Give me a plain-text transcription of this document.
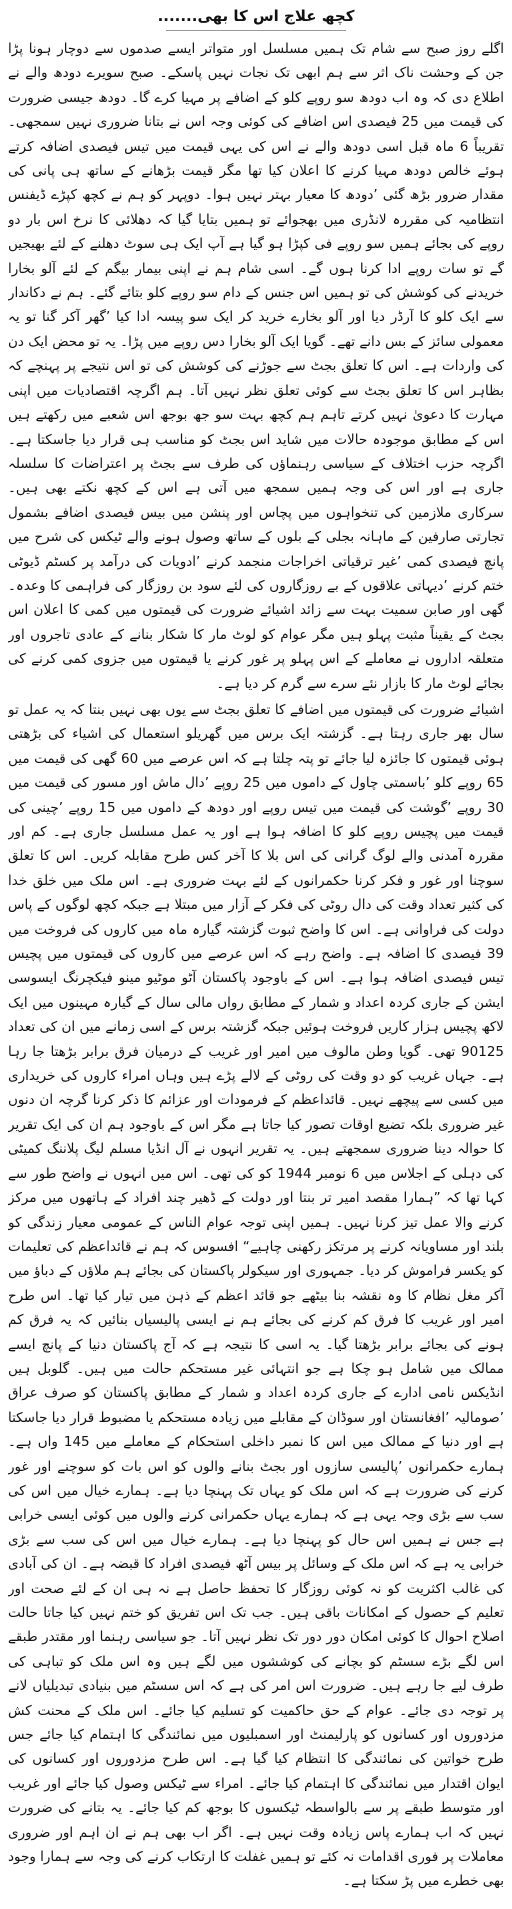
کچھ علاج اس کا بھی.......

اگلے روز صبح سے شام تک ہمیں مسلسل اور متواتر ایسے صدموں سے دوچار ہونا پڑا جن کے وحشت ناک اثر سے ہم ابھی تک نجات نہیں پاسکے۔ صبح سویرے دودھ والے نے اطلاع دی کہ وہ اب دودھ سو روپے کلو کے اضافے پر مہیا کرے گا۔ دودھ جیسی ضرورت کی قیمت میں 25 فیصدی اس اضافے کی کوئی وجہ اس نے بتانا ضروری نہیں سمجھی۔ تقریباً 6 ماہ قبل اسی دودھ والے نے اس کی یہی قیمت میں تیس فیصدی اضافہ کرتے ہوئے خالص دودھ مہیا کرنے کا اعلان کیا تھا مگر قیمت بڑھانے کے ساتھ ہی پانی کی مقدار ضرور بڑھ گئی ’دودھ کا معیار بہتر نہیں ہوا۔ دوپہر کو ہم نے کچھ کپڑے ڈیفنس انتظامیہ کی مقررہ لانڈری میں بھجوائے تو ہمیں بتایا گیا کہ دھلائی کا نرخ اس بار دو روپے کی بجائے ہمیں سو روپے فی کپڑا ہو گیا ہے آپ ایک ہی سوٹ دھلنے کے لئے بھیجیں گے تو سات روپے ادا کرنا ہوں گے۔ اسی شام ہم نے اپنی بیمار بیگم کے لئے آلو بخارا خریدنے کی کوشش کی تو ہمیں اس جنس کے دام سو روپے کلو بتائے گئے۔ ہم نے دکاندار سے ایک کلو کا آرڈر دیا اور آلو بخارے خرید کر ایک سو پیسہ ادا کیا ’گھر آکر گنا تو یہ معمولی سائز کے بس دانے تھے۔ گویا ایک آلو بخارا دس روپے میں پڑا۔ یہ تو محض ایک دن کی واردات ہے۔ اس کا تعلق بجٹ سے جوڑنے کی کوشش کی تو اس نتیجے پر پہنچے کہ بظاہر اس کا تعلق بجٹ سے کوئی تعلق نظر نہیں آتا۔ ہم اگرچہ اقتصادیات میں اپنی مہارت کا دعویٰ نہیں کرتے تاہم ہم کچھ بہت سو جھ بوجھ اس شعبے میں رکھتے ہیں اس کے مطابق موجودہ حالات میں شاید اس بجٹ کو مناسب ہی قرار دیا جاسکتا ہے۔ اگرچہ حزب اختلاف کے سیاسی رہنماؤں کی طرف سے بجٹ پر اعتراضات کا سلسلہ جاری ہے اور اس کی وجہ ہمیں سمجھ میں آتی ہے اس کے کچھ نکتے بھی ہیں۔ سرکاری ملازمین کی تنخواہوں میں پچاس اور پنشن میں بیس فیصدی اضافے بشمول تجارتی صارفین کے ماہانہ بجلی کے بلوں کے ساتھ وصول ہونے والے ٹیکس کی شرح میں پانچ فیصدی کمی ’غیر ترقیاتی اخراجات منجمد کرنے ’ادویات کی درآمد پر کسٹم ڈیوٹی ختم کرنے ’دیہاتی علاقوں کے بے روزگاروں کی لئے سود بن روزگار کی فراہمی کا وعدہ۔ گھی اور صابن سمیت بہت سے زائد اشیائے ضرورت کی قیمتوں میں کمی کا اعلان اس بجٹ کے یقیناً مثبت پہلو ہیں مگر عوام کو لوٹ مار کا شکار بنانے کے عادی تاجروں اور متعلقہ اداروں نے معاملے کے اس پہلو پر غور کرنے یا قیمتوں میں جزوی کمی کرنے کی بجائے لوٹ مار کا بازار نئے سرے سے گرم کر دیا ہے۔

اشیائے ضرورت کی قیمتوں میں اضافے کا تعلق بجٹ سے یوں بھی نہیں بنتا کہ یہ عمل تو سال بھر جاری رہتا ہے۔ گزشتہ ایک برس میں گھریلو استعمال کی اشیاء کی بڑھتی ہوئی قیمتوں کا جائزہ لیا جائے تو پتہ چلتا ہے کہ اس عرصے میں 60 گھی کی قیمت میں 65 روپے کلو ’باسمتی چاول کے داموں میں 25 روپے ’دال ماش اور مسور کی قیمت میں 30 روپے ’گوشت کی قیمت میں تیس روپے اور دودھ کے داموں میں 15 روپے ’چینی کی قیمت میں پچیس روپے کلو کا اضافہ ہوا ہے اور یہ عمل مسلسل جاری ہے۔ کم اور مقررہ آمدنی والے لوگ گرانی کی اس بلا کا آخر کس طرح مقابلہ کریں۔ اس کا تعلق سوچنا اور غور و فکر کرنا حکمرانوں کے لئے بہت ضروری ہے۔ اس ملک میں خلق خدا کی کثیر تعداد وقت کی دال روٹی کی فکر کے آزار میں مبتلا ہے جبکہ کچھ لوگوں کے پاس دولت کی فراوانی ہے۔ اس کا واضح ثبوت گزشتہ گیارہ ماہ میں کاروں کی فروخت میں 39 فیصدی کا اضافہ ہے۔ واضح رہے کہ اس عرصے میں کاروں کی قیمتوں میں پچیس تیس فیصدی اضافہ ہوا ہے۔ اس کے باوجود پاکستان آٹو موٹیو مینو فیکچرنگ ایسوسی ایشن کے جاری کردہ اعداد و شمار کے مطابق رواں مالی سال کے گیارہ مہینوں میں ایک لاکھ پچیس ہزار کاریں فروخت ہوئیں جبکہ گزشتہ برس کے اسی زمانے میں ان کی تعداد 90125 تھی۔ گویا وطن مالوف میں امیر اور غریب کے درمیان فرق برابر بڑھتا جا رہا ہے۔ جہاں غریب کو دو وقت کی روٹی کے لالے پڑے ہیں وہاں امراء کاروں کی خریداری میں کسی سے پیچھے نہیں۔ قائداعظم کے فرمودات اور عزائم کا ذکر کرنا گرچہ ان دنوں غیر ضروری بلکہ تضیع اوقات تصور کیا جاتا ہے مگر اس کے باوجود ہم ان کی ایک تقریر کا حوالہ دینا ضروری سمجھتے ہیں۔ یہ تقریر انہوں نے آل انڈیا مسلم لیگ پلاننگ کمیٹی کی دہلی کے اجلاس میں 6 نومبر 1944 کو کی تھی۔ اس میں انہوں نے واضح طور سے کہا تھا کہ ”ہمارا مقصد امیر تر بنتا اور دولت کے ڈھیر چند افراد کے ہاتھوں میں مرکز کرنے والا عمل تیز کرنا نہیں۔ ہمیں اپنی توجہ عوام الناس کے عمومی معیار زندگی کو بلند اور مساویانہ کرنے پر مرتکز رکھنی چاہیے“ افسوس کہ ہم نے قائداعظم کی تعلیمات کو یکسر فراموش کر دیا۔ جمہوری اور سیکولر پاکستان کی بجائے ہم ملاؤں کے دباؤ میں آکر مغل نظام کا وہ نقشہ بنا بیٹھے جو قائد اعظم کے ذہن میں تیار کیا تھا۔ اس طرح امیر اور غریب کا فرق کم کرنے کی بجائے ہم نے ایسی پالیسیاں بنائیں کہ یہ فرق کم ہونے کی بجائے برابر بڑھتا گیا۔ یہ اسی کا نتیجہ ہے کہ آج پاکستان دنیا کے پانچ ایسے ممالک میں شامل ہو چکا ہے جو انتہائی غیر مستحکم حالت میں ہیں۔ گلوبل ہیں انڈیکس نامی ادارے کے جاری کردہ اعداد و شمار کے مطابق پاکستان کو صرف عراق ’صومالیہ ’افغانستان اور سوڈان کے مقابلے میں زیادہ مستحکم یا مضبوط قرار دیا جاسکتا ہے اور دنیا کے ممالک میں اس کا نمبر داخلی استحکام کے معاملے میں 145 واں ہے۔ ہمارے حکمرانوں ’پالیسی سازوں اور بجٹ بنانے والوں کو اس بات کو سوچنے اور غور کرنے کی ضرورت ہے کہ اس ملک کو یہاں تک پہنچا دیا ہے۔ ہمارے خیال میں اس کی سب سے بڑی وجہ یہی ہے کہ ہمارے یہاں حکمرانی کرنے والوں میں کوئی ایسی خرابی ہے جس نے ہمیں اس حال کو پہنچا دیا ہے۔ ہمارے خیال میں اس کی سب سے بڑی خرابی یہ ہے کہ اس ملک کے وسائل پر بیس آٹھ فیصدی افراد کا قبضہ ہے۔ ان کی آبادی کی غالب اکثریت کو نہ کوئی روزگار کا تحفظ حاصل ہے نہ ہی ان کے لئے صحت اور تعلیم کے حصول کے امکانات باقی ہیں۔ جب تک اس تفریق کو ختم نہیں کیا جاتا حالت اصلاح احوال کا کوئی امکان دور دور تک نظر نہیں آتا۔ جو سیاسی رہنما اور مقتدر طبقے اس لگے بڑے سسٹم کو بچانے کی کوششوں میں لگے ہیں وہ اس ملک کو تباہی کی طرف لیے جا رہے ہیں۔ ضرورت اس امر کی ہے کہ اس سسٹم میں بنیادی تبدیلیاں لانے پر توجہ دی جائے۔ عوام کے حق حاکمیت کو تسلیم کیا جائے۔ اس ملک کے محنت کش مزدوروں اور کسانوں کو پارلیمنٹ اور اسمبلیوں میں نمائندگی کا اہتمام کیا جائے جس طرح خواتین کی نمائندگی کا انتظام کیا گیا ہے۔ اس طرح مزدوروں اور کسانوں کی ایوان اقتدار میں نمائندگی کا اہتمام کیا جائے۔ امراء سے ٹیکس وصول کیا جائے اور غریب اور متوسط طبقے پر سے بالواسطہ ٹیکسوں کا بوجھ کم کیا جائے۔ یہ بتانے کی ضرورت نہیں کہ اب ہمارے پاس زیادہ وقت نہیں ہے۔ اگر اب بھی ہم نے ان اہم اور ضروری معاملات پر فوری اقدامات نہ کئے تو ہمیں غفلت کا ارتکاب کرنے کی وجہ سے ہمارا وجود بھی خطرے میں پڑ سکتا ہے۔
